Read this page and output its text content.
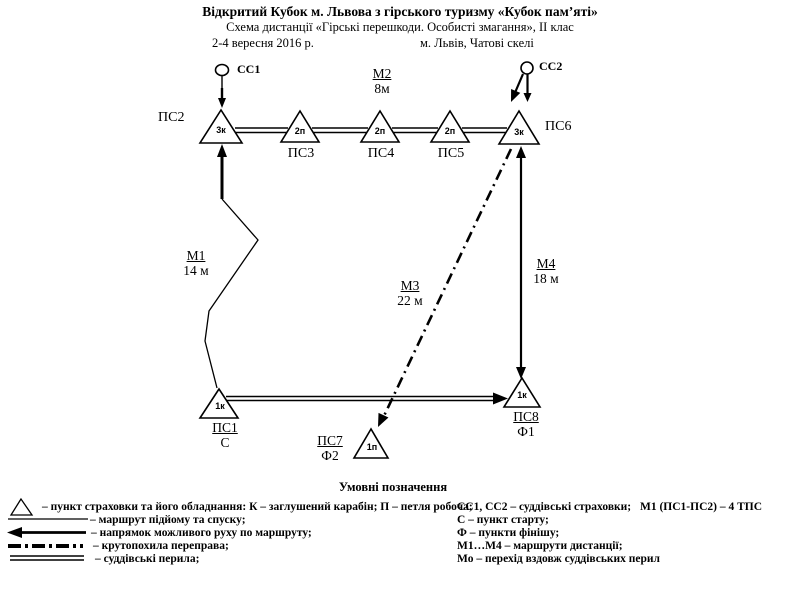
Відкритий Кубок м. Львова з гірського туризму «Кубок пам’яті»
Схема дистанції «Гірські перешкоди. Особисті змагання», ІІ клас
2-4 вересня 2016 р.	м. Львів, Чатові скелі
СС1	СС2
ПС2
ПС3	ПС4	ПС5
ПС6
ПС1
С	ПС7
Ф2
ПС8
Ф1
3к	2п	2п	2п	3к
1к
1п
1к
М1
14 м
М2
8м
М3
22 м
М4
18 м
Умовні позначення
– пункт страховки та його обладнання: К – заглушений карабін; П – петля робоча;
– маршрут підйому та спуску;
– напрямок можливого руху по маршруту;
– крутопохила переправа;
– суддівські перила;
СС1, СС2 – суддівські страховки;
С – пункт старту;
Ф – пункти фінішу;
М1…М4 – маршрути дистанції;
Мо – перехід вздовж суддівських перил
М1 (ПС1-ПС2) – 4 ТПС
